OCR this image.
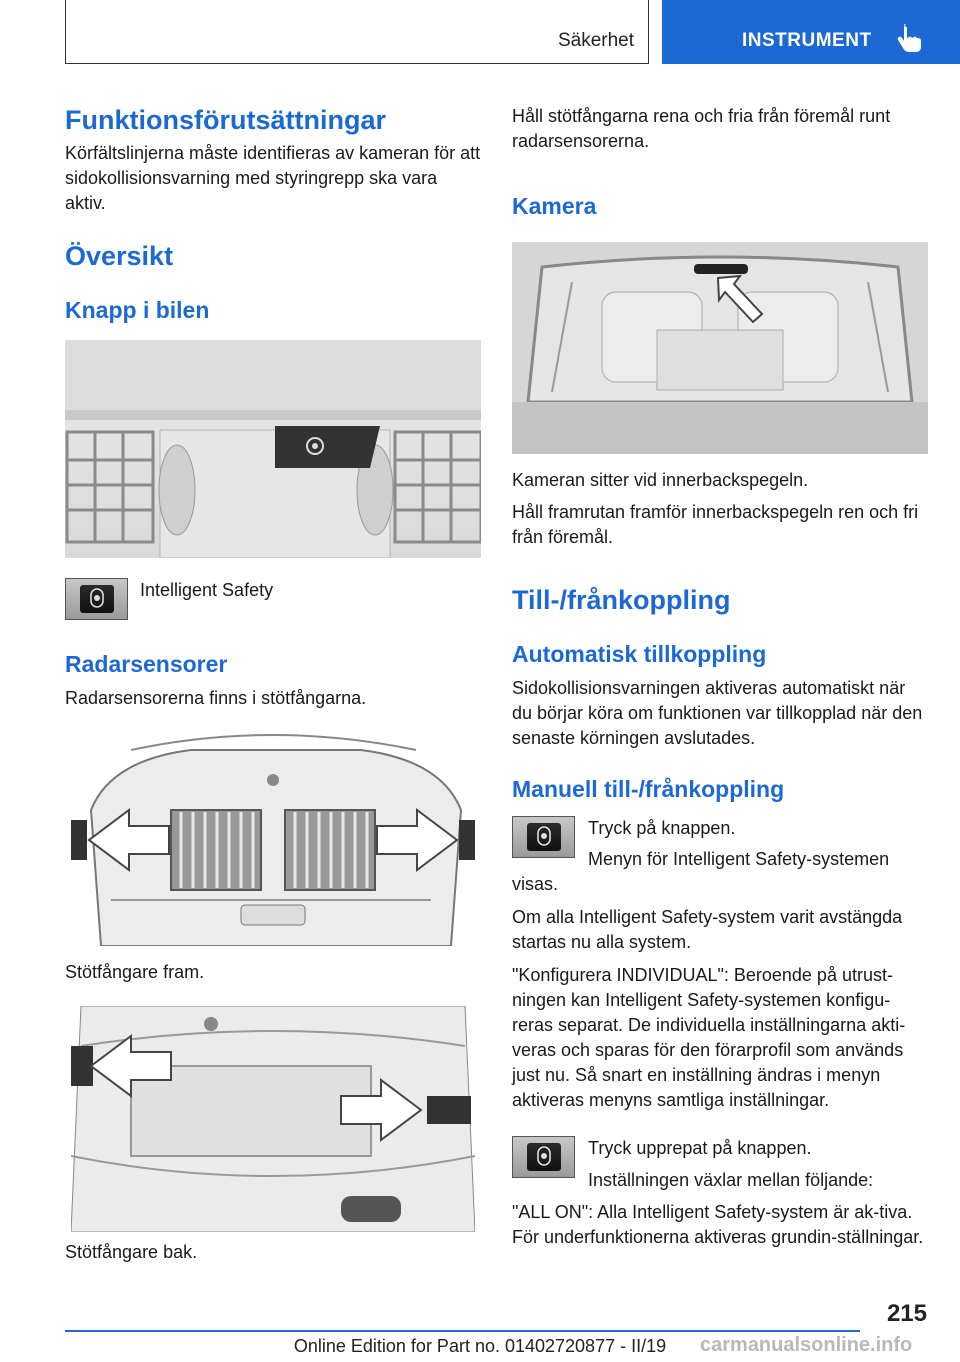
Säkerhet	INSTRUMENT
Funktionsförutsättningar
Körfältslinjerna måste identifieras av kameran för att sidokollisionsvarning med styringrepp ska vara aktiv.
Översikt
Knapp i bilen
Intelligent Safety
Radarsensorer
Radarsensorerna finns i stötfångarna.
Stötfångare fram.
Stötfångare bak.
Håll stötfångarna rena och fria från föremål runt radarsensorerna.
Kamera
Kameran sitter vid innerbackspegeln.
Håll framrutan framför innerbackspegeln ren och fri från föremål.
Till-/frånkoppling
Automatisk tillkoppling
Sidokollisionsvarningen aktiveras automatiskt när du börjar köra om funktionen var tillkopplad när den senaste körningen avslutades.
Manuell till-/frånkoppling
Tryck på knappen.
Menyn för Intelligent Safety-systemen visas.
Om alla Intelligent Safety-system varit avstängda startas nu alla system.
"Konfigurera INDIVIDUAL": Beroende på utrust-ningen kan Intelligent Safety-systemen konfigu-reras separat. De individuella inställningarna akti-veras och sparas för den förarprofil som används just nu. Så snart en inställning ändras i menyn aktiveras menyns samtliga inställningar.
Tryck upprepat på knappen.
Inställningen växlar mellan följande:
"ALL ON": Alla Intelligent Safety-system är ak-tiva. För underfunktionerna aktiveras grundin-ställningar.
215
Online Edition for Part no. 01402720877 - II/19	carmanualsonline.info
